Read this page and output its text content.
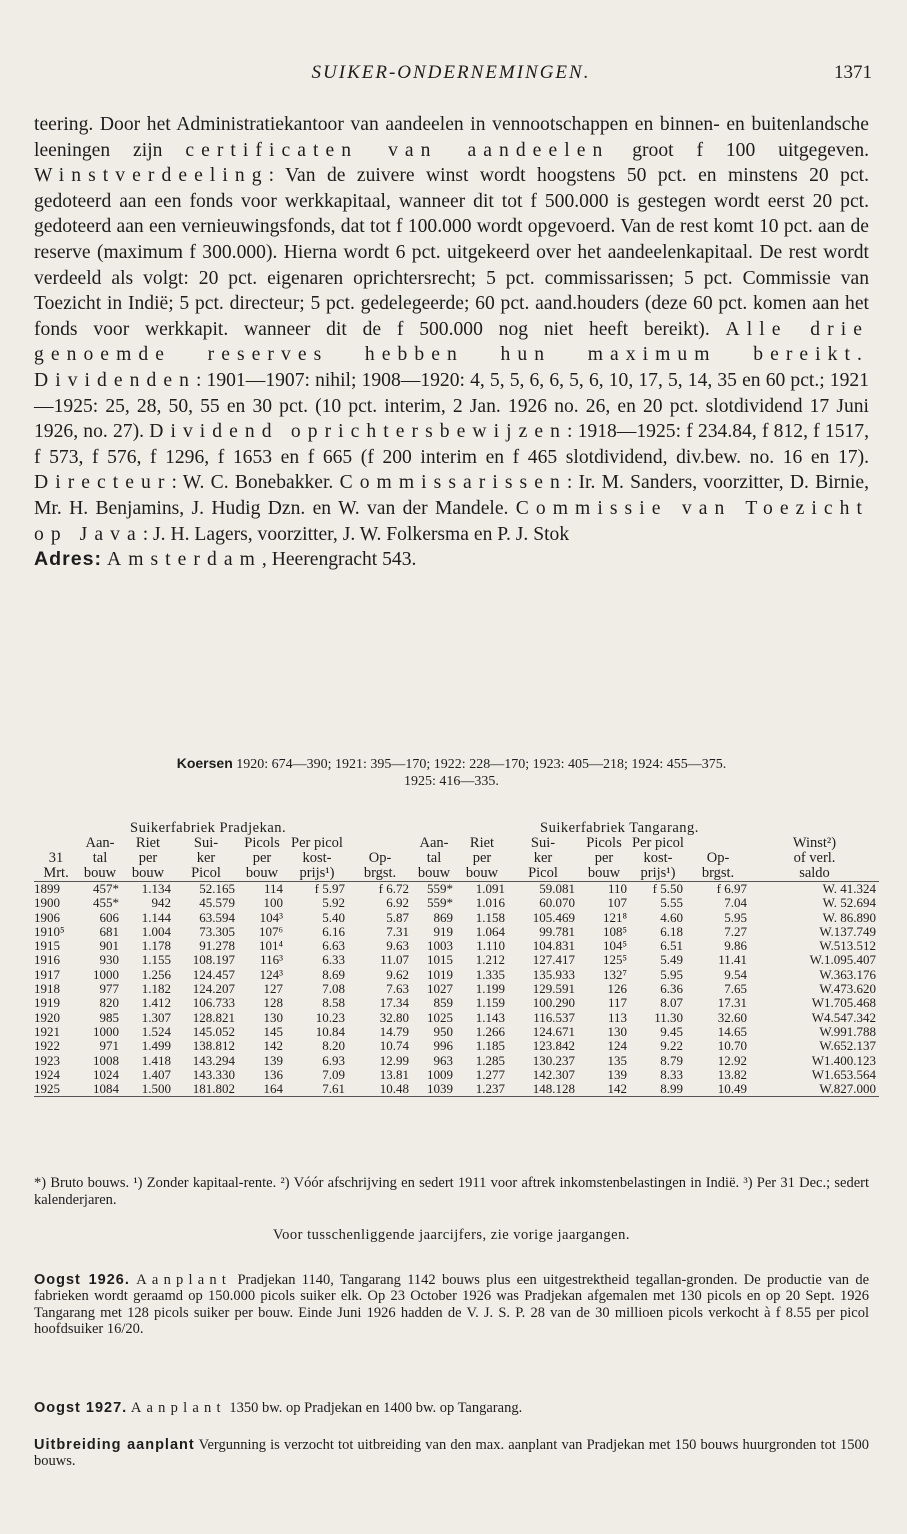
SUIKER-ONDERNEMINGEN.	1371
teering. Door het Administratiekantoor van aandeelen in vennootschappen en binnen- en buitenlandsche leeningen zijn certificaten van aandeelen groot f 100 uitgegeven. Winstverdeeling: Van de zuivere winst wordt hoogstens 50 pct. en minstens 20 pct. gedoteerd aan een fonds voor werkkapitaal, wanneer dit tot f 500.000 is gestegen wordt eerst 20 pct. gedoteerd aan een vernieuwingsfonds, dat tot f 100.000 wordt opgevoerd. Van de rest komt 10 pct. aan de reserve (maximum f 300.000). Hierna wordt 6 pct. uitgekeerd over het aandeelenkapitaal. De rest wordt verdeeld als volgt: 20 pct. eigenaren oprichtersrecht; 5 pct. commissarissen; 5 pct. Commissie van Toezicht in Indië; 5 pct. directeur; 5 pct. gedelegeerde; 60 pct. aand.houders (deze 60 pct. komen aan het fonds voor werkkapit. wanneer dit de f 500.000 nog niet heeft bereikt). Alle drie genoemde reserves hebben hun maximum bereikt. Dividenden: 1901—1907: nihil; 1908—1920: 4, 5, 5, 6, 6, 5, 6, 10, 17, 5, 14, 35 en 60 pct.; 1921—1925: 25, 28, 50, 55 en 30 pct. (10 pct. interim, 2 Jan. 1926 no. 26, en 20 pct. slotdividend 17 Juni 1926, no. 27). Dividend oprichtersbewijzen: 1918—1925: f 234.84, f 812, f 1517, f 573, f 576, f 1296, f 1653 en f 665 (f 200 interim en f 465 slotdividend, div.bew. no. 16 en 17). Directeur: W. C. Bonebakker. Commissarissen: Ir. M. Sanders, voorzitter, D. Birnie, Mr. H. Benjamins, J. Hudig Dzn. en W. van der Mandele. Commissie van Toezicht op Java: J. H. Lagers, voorzitter, J. W. Folkersma en P. J. Stok
Adres: Amsterdam, Heerengracht 543.
Koersen 1920: 674—390; 1921: 395—170; 1922: 228—170; 1923: 405—218; 1924: 455—375.
1925: 416—335.
Suikerfabriek Pradjekan.	Suikerfabriek Tangarang.
	Aan-	Riet	Sui-	Picols	Per picol		Aan-	Riet	Sui-	Picols	Per picol		Winst²)
31	tal	per	ker	per	kost-	Op-	tal	per	ker	per	kost-	Op-	of verl.
Mrt.	bouw	bouw	Picol	bouw	prijs¹)	brgst.	bouw	bouw	Picol	bouw	prijs¹)	brgst.	saldo
1899	457*	1.134	52.165	114	f 5.97	f 6.72	559*	1.091	59.081	110	f 5.50	f 6.97	W. 41.324
1900	455*	942	45.579	100	5.92	6.92	559*	1.016	60.070	107	5.55	7.04	W. 52.694
1906	606	1.144	63.594	104³	5.40	5.87	869	1.158	105.469	121⁸	4.60	5.95	W. 86.890
1910⁵	681	1.004	73.305	107⁶	6.16	7.31	919	1.064	99.781	108⁵	6.18	7.27	W.137.749
1915	901	1.178	91.278	101⁴	6.63	9.63	1003	1.110	104.831	104⁵	6.51	9.86	W.513.512
1916	930	1.155	108.197	116³	6.33	11.07	1015	1.212	127.417	125⁵	5.49	11.41	W.1.095.407
1917	1000	1.256	124.457	124³	8.69	9.62	1019	1.335	135.933	132⁷	5.95	9.54	W.363.176
1918	977	1.182	124.207	127	7.08	7.63	1027	1.199	129.591	126	6.36	7.65	W.473.620
1919	820	1.412	106.733	128	8.58	17.34	859	1.159	100.290	117	8.07	17.31	W1.705.468
1920	985	1.307	128.821	130	10.23	32.80	1025	1.143	116.537	113	11.30	32.60	W4.547.342
1921	1000	1.524	145.052	145	10.84	14.79	950	1.266	124.671	130	9.45	14.65	W.991.788
1922	971	1.499	138.812	142	8.20	10.74	996	1.185	123.842	124	9.22	10.70	W.652.137
1923	1008	1.418	143.294	139	6.93	12.99	963	1.285	130.237	135	8.79	12.92	W1.400.123
1924	1024	1.407	143.330	136	7.09	13.81	1009	1.277	142.307	139	8.33	13.82	W1.653.564
1925	1084	1.500	181.802	164	7.61	10.48	1039	1.237	148.128	142	8.99	10.49	W.827.000
*) Bruto bouws. ¹) Zonder kapitaal-rente. ²) Vóór afschrijving en sedert 1911 voor aftrek inkomstenbelastingen in Indië. ³) Per 31 Dec.; sedert kalenderjaren.
Voor tusschenliggende jaarcijfers, zie vorige jaargangen.
Oogst 1926. Aanplant Pradjekan 1140, Tangarang 1142 bouws plus een uitgestrektheid tegallan-gronden. De productie van de fabrieken wordt geraamd op 150.000 picols suiker elk. Op 23 October 1926 was Pradjekan afgemalen met 130 picols en op 20 Sept. 1926 Tangarang met 128 picols suiker per bouw. Einde Juni 1926 hadden de V. J. S. P. 28 van de 30 millioen picols verkocht à f 8.55 per picol hoofdsuiker 16/20.
Oogst 1927. Aanplant 1350 bw. op Pradjekan en 1400 bw. op Tangarang.
Uitbreiding aanplant Vergunning is verzocht tot uitbreiding van den max. aanplant van Pradjekan met 150 bouws huurgronden tot 1500 bouws.
